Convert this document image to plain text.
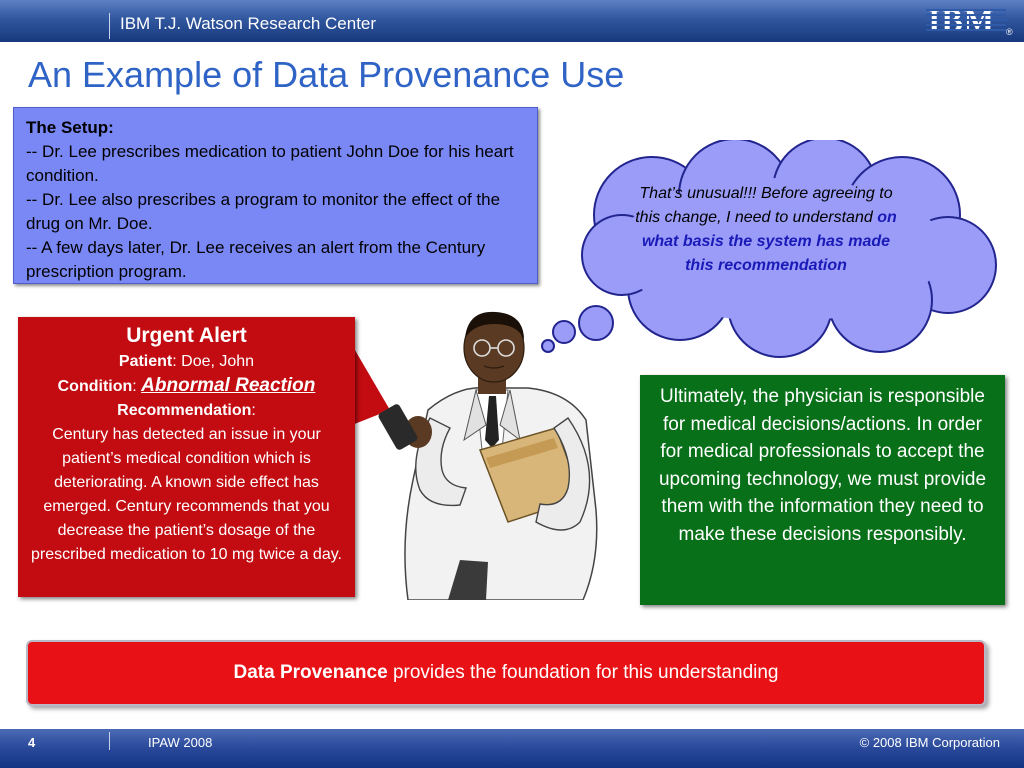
IBM T.J. Watson Research Center	®
An Example of Data Provenance Use
The Setup:
-- Dr. Lee prescribes medication to patient John Doe for his heart condition.
-- Dr. Lee also prescribes a program to monitor the effect of the drug on Mr. Doe.
-- A few days later, Dr. Lee receives an alert from the Century prescription program.
That’s unusual!!! Before agreeing to this change, I need to understand on what basis the system has made this recommendation
Urgent Alert
Patient: Doe, John
Condition: Abnormal Reaction
Recommendation:
Century has detected an issue in your patient’s medical condition which is deteriorating. A known side effect has emerged. Century recommends that you decrease the patient’s dosage of the prescribed medication to 10 mg twice a day.
Ultimately, the physician is responsible for medical decisions/actions. In order for medical professionals to accept the upcoming technology, we must provide them with the information they need to make these decisions responsibly.
Data Provenance provides the foundation for this understanding
4	IPAW 2008	© 2008 IBM Corporation
